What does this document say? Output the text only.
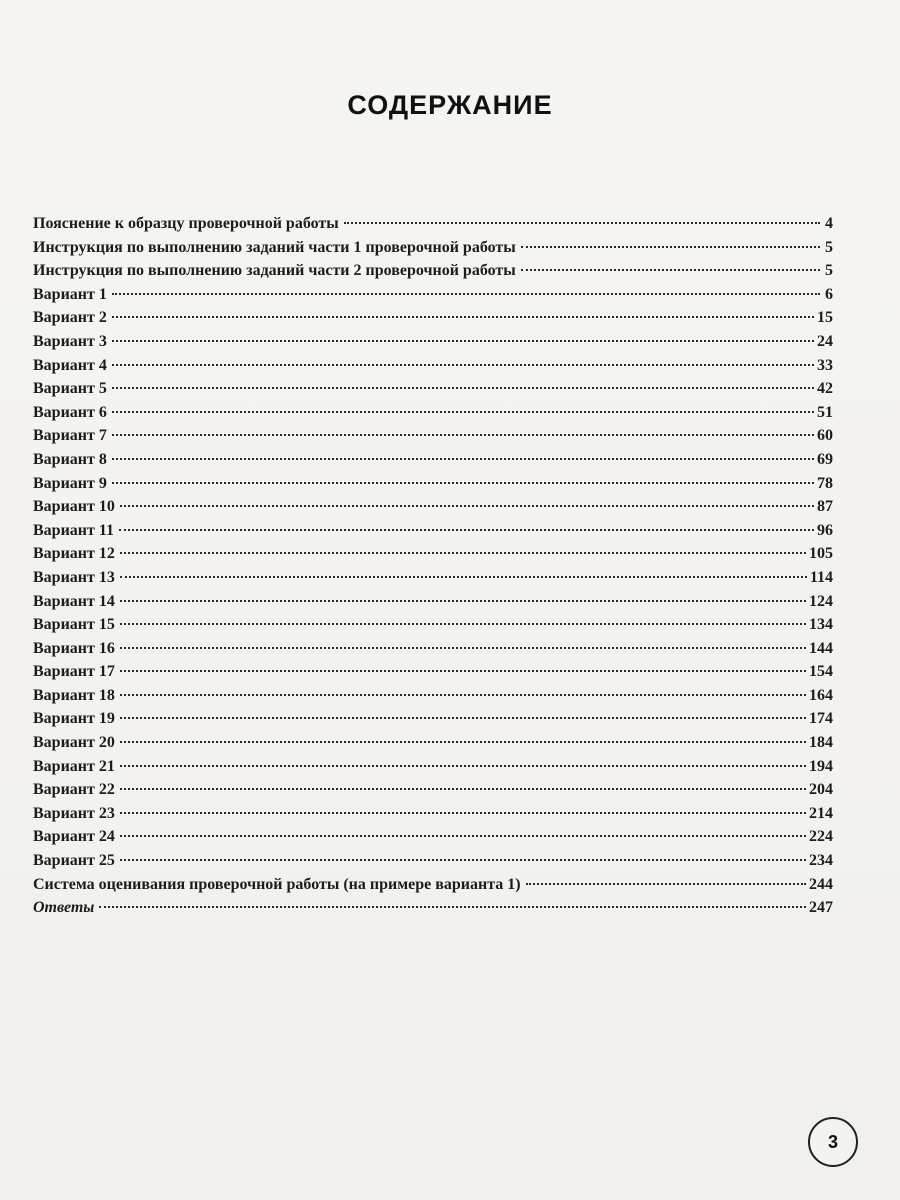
СОДЕРЖАНИЕ
Пояснение к образцу проверочной работы	4
Инструкция по выполнению заданий части 1 проверочной работы	5
Инструкция по выполнению заданий части 2 проверочной работы	5
Вариант 1	6
Вариант 2	15
Вариант 3	24
Вариант 4	33
Вариант 5	42
Вариант 6	51
Вариант 7	60
Вариант 8	69
Вариант 9	78
Вариант 10	87
Вариант 11	96
Вариант 12	105
Вариант 13	114
Вариант 14	124
Вариант 15	134
Вариант 16	144
Вариант 17	154
Вариант 18	164
Вариант 19	174
Вариант 20	184
Вариант 21	194
Вариант 22	204
Вариант 23	214
Вариант 24	224
Вариант 25	234
Система оценивания проверочной работы (на примере варианта 1)	244
Ответы	247
3
